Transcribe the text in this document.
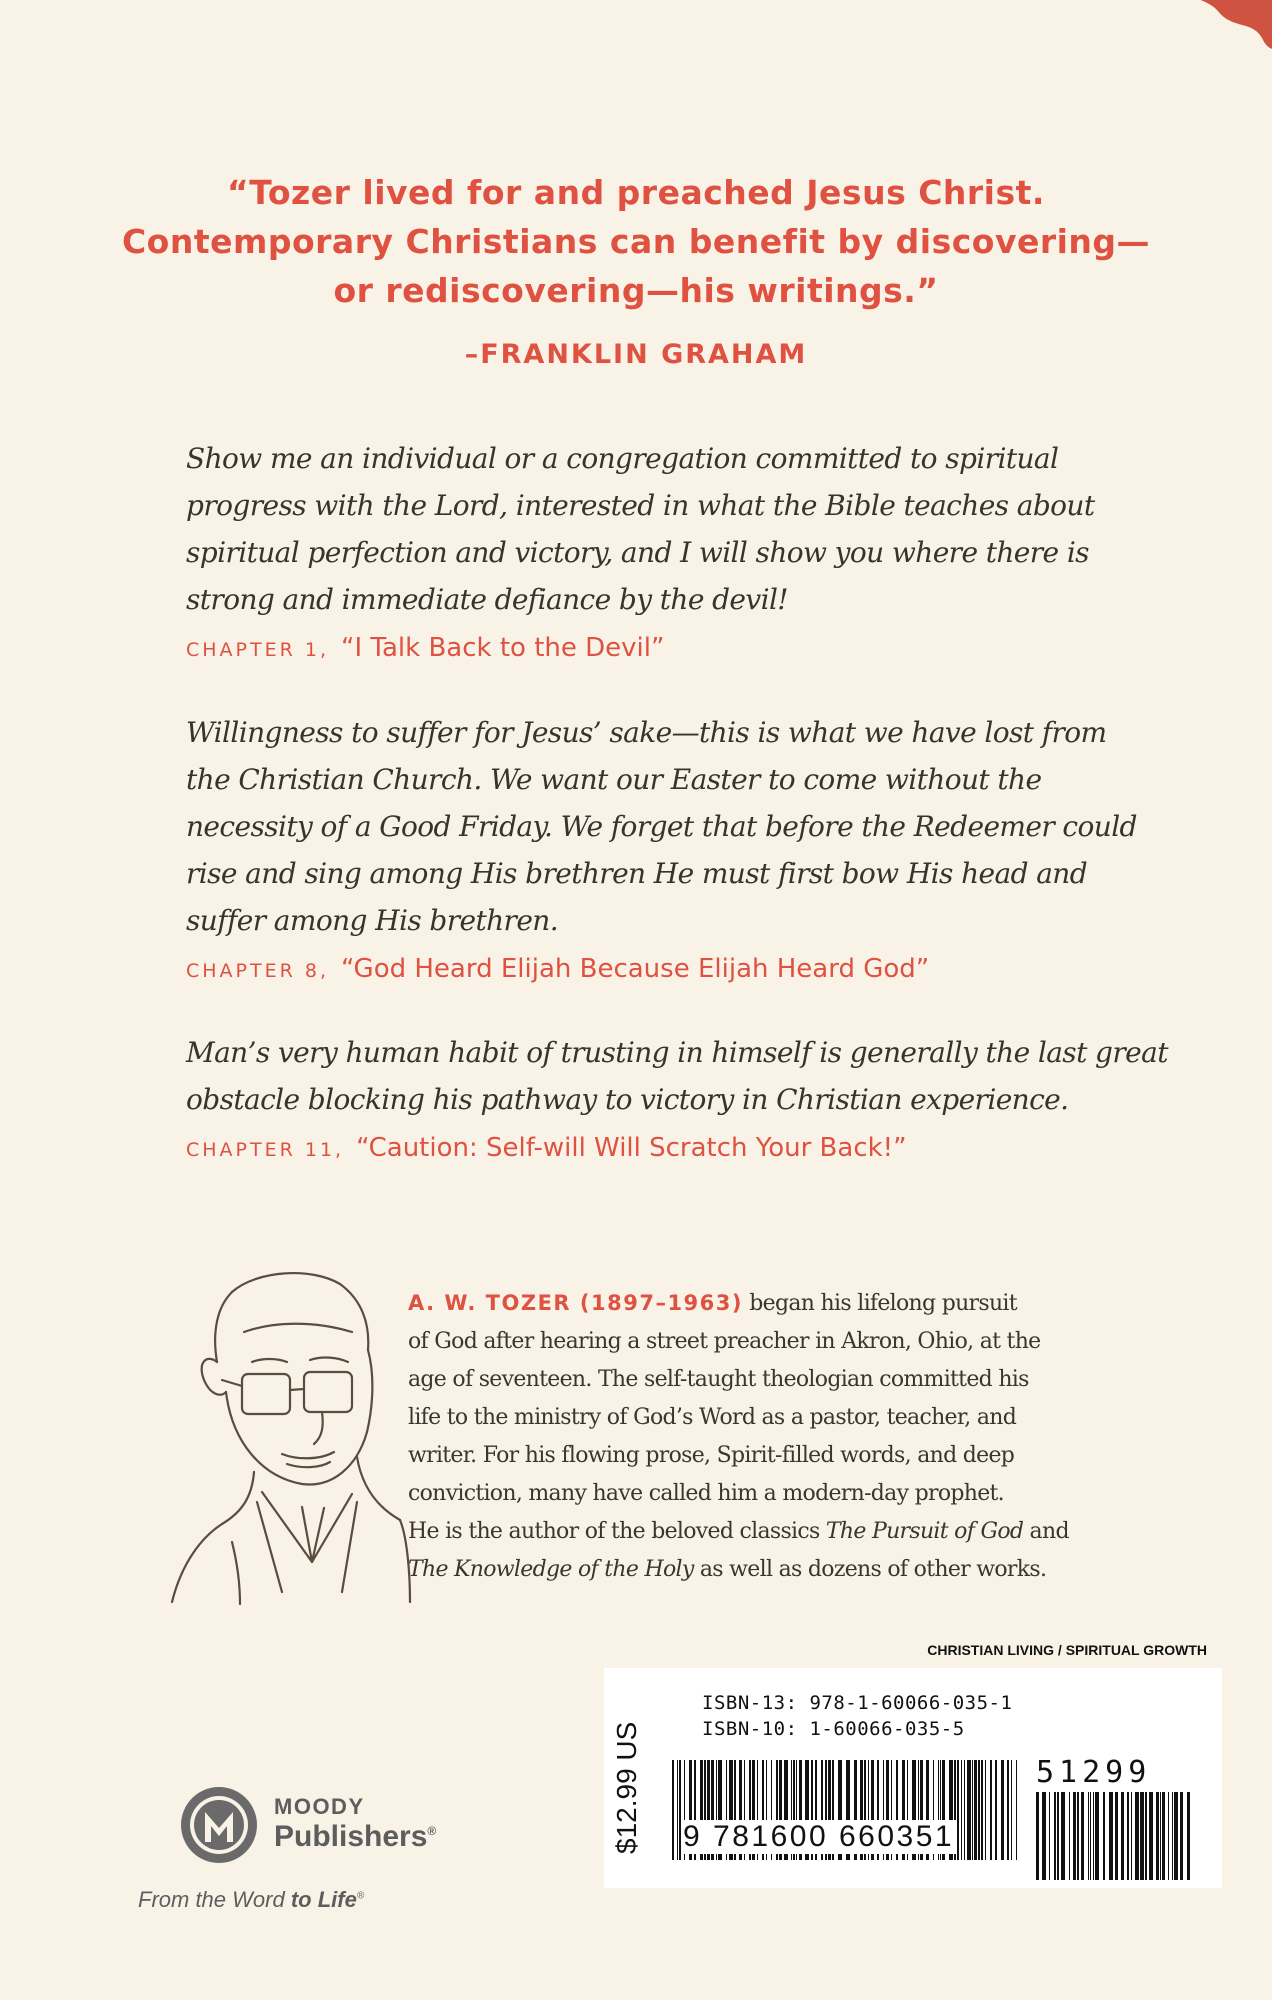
“Tozer lived for and preached Jesus Christ.
Contemporary Christians can benefit by discovering—
or rediscovering—his writings.”
–FRANKLIN GRAHAM
Show me an individual or a congregation committed to spiritual
progress with the Lord, interested in what the Bible teaches about
spiritual perfection and victory, and I will show you where there is
strong and immediate defiance by the devil!
CHAPTER 1, “I Talk Back to the Devil”
Willingness to suffer for Jesus’ sake—this is what we have lost from
the Christian Church. We want our Easter to come without the
necessity of a Good Friday. We forget that before the Redeemer could
rise and sing among His brethren He must first bow His head and
suffer among His brethren.
CHAPTER 8, “God Heard Elijah Because Elijah Heard God”
Man’s very human habit of trusting in himself is generally the last great
obstacle blocking his pathway to victory in Christian experience.
CHAPTER 11, “Caution: Self-will Will Scratch Your Back!”
A. W. TOZER (1897–1963) began his lifelong pursuit
of God after hearing a street preacher in Akron, Ohio, at the
age of seventeen. The self-taught theologian committed his
life to the ministry of God’s Word as a pastor, teacher, and
writer. For his flowing prose, Spirit-filled words, and deep
conviction, many have called him a modern-day prophet.
He is the author of the beloved classics The Pursuit of God and
The Knowledge of the Holy as well as dozens of other works.
CHRISTIAN LIVING / SPIRITUAL GROWTH
$12.99 US
ISBN-13: 978-1-60066-035-1
ISBN-10: 1-60066-035-5
51299
9 781600 660351
MOODY
Publishers®
From the Word to Life®
